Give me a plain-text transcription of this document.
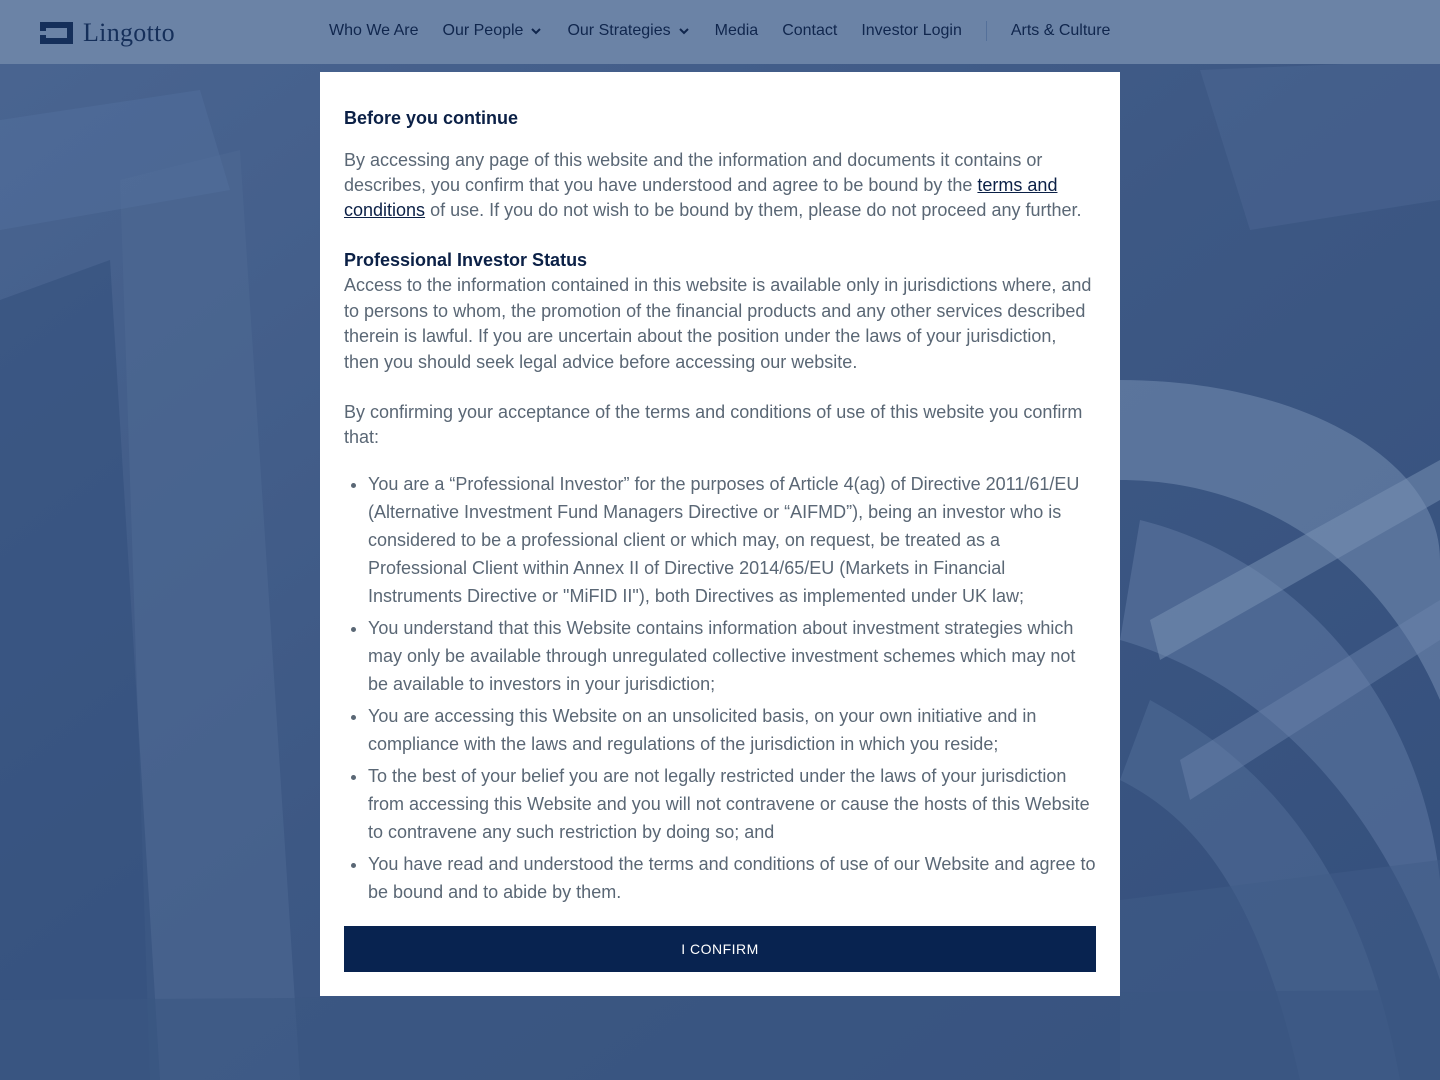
Lingotto	Who We Are Our People	Our Strategies	Media Contact Investor Login	Arts & Culture
Before you continue

By accessing any page of this website and the information and documents it contains or describes, you confirm that you have understood and agree to be bound by the terms and conditions of use. If you do not wish to be bound by them, please do not proceed any further.

Professional Investor Status

Access to the information contained in this website is available only in jurisdictions where, and to persons to whom, the promotion of the financial products and any other services described therein is lawful. If you are uncertain about the position under the laws of your jurisdiction, then you should seek legal advice before accessing our website.

By confirming your acceptance of the terms and conditions of use of this website you confirm that:

• You are a “Professional Investor” for the purposes of Article 4(ag) of Directive 2011/61/EU (Alternative Investment Fund Managers Directive or “AIFMD”), being an investor who is considered to be a professional client or which may, on request, be treated as a Professional Client within Annex II of Directive 2014/65/EU (Markets in Financial Instruments Directive or "MiFID II"), both Directives as implemented under UK law;
• You understand that this Website contains information about investment strategies which may only be available through unregulated collective investment schemes which may not be available to investors in your jurisdiction;
• You are accessing this Website on an unsolicited basis, on your own initiative and in compliance with the laws and regulations of the jurisdiction in which you reside;
• To the best of your belief you are not legally restricted under the laws of your jurisdiction from accessing this Website and you will not contravene or cause the hosts of this Website to contravene any such restriction by doing so; and
• You have read and understood the terms and conditions of use of our Website and agree to be bound and to abide by them.
I CONFIRM
